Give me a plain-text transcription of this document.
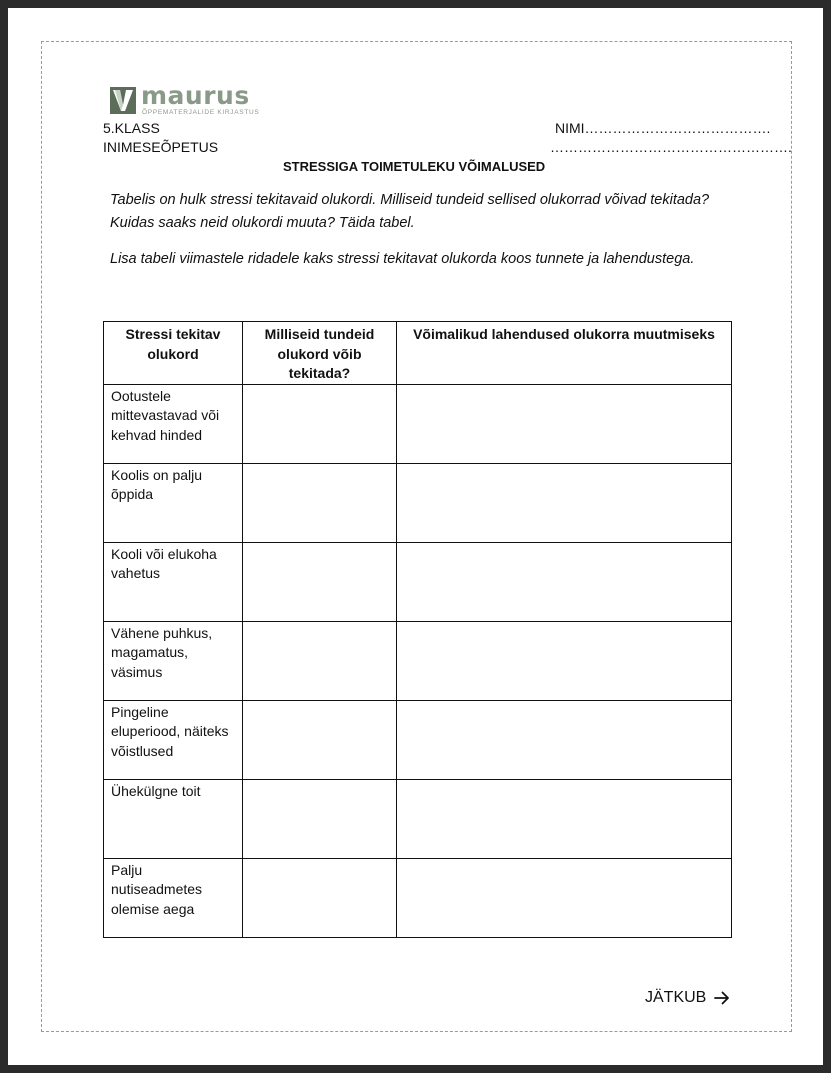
maurus
ÕPPEMATERJALIDE KIRJASTUS
5.KLASS
INIMESEÕPETUS
NIMI………………………………….
…………………………………………….
STRESSIGA TOIMETULEKU VÕIMALUSED
Tabelis on hulk stressi tekitavaid olukordi. Milliseid tundeid sellised olukorrad võivad tekitada?
Kuidas saaks neid olukordi muuta? Täida tabel.
Lisa tabeli viimastele ridadele kaks stressi tekitavat olukorda koos tunnete ja lahendustega.
Stressi tekitav olukord	Milliseid tundeid olukord võib tekitada?	Võimalikud lahendused olukorra muutmiseks
Ootustele mittevastavad või kehvad hinded		
Koolis on palju õppida		
Kooli või elukoha vahetus		
Vähene puhkus, magamatus, väsimus		
Pingeline eluperiood, näiteks võistlused		
Ühekülgne toit		
Palju nutiseadmetes olemise aega		
JÄTKUB
